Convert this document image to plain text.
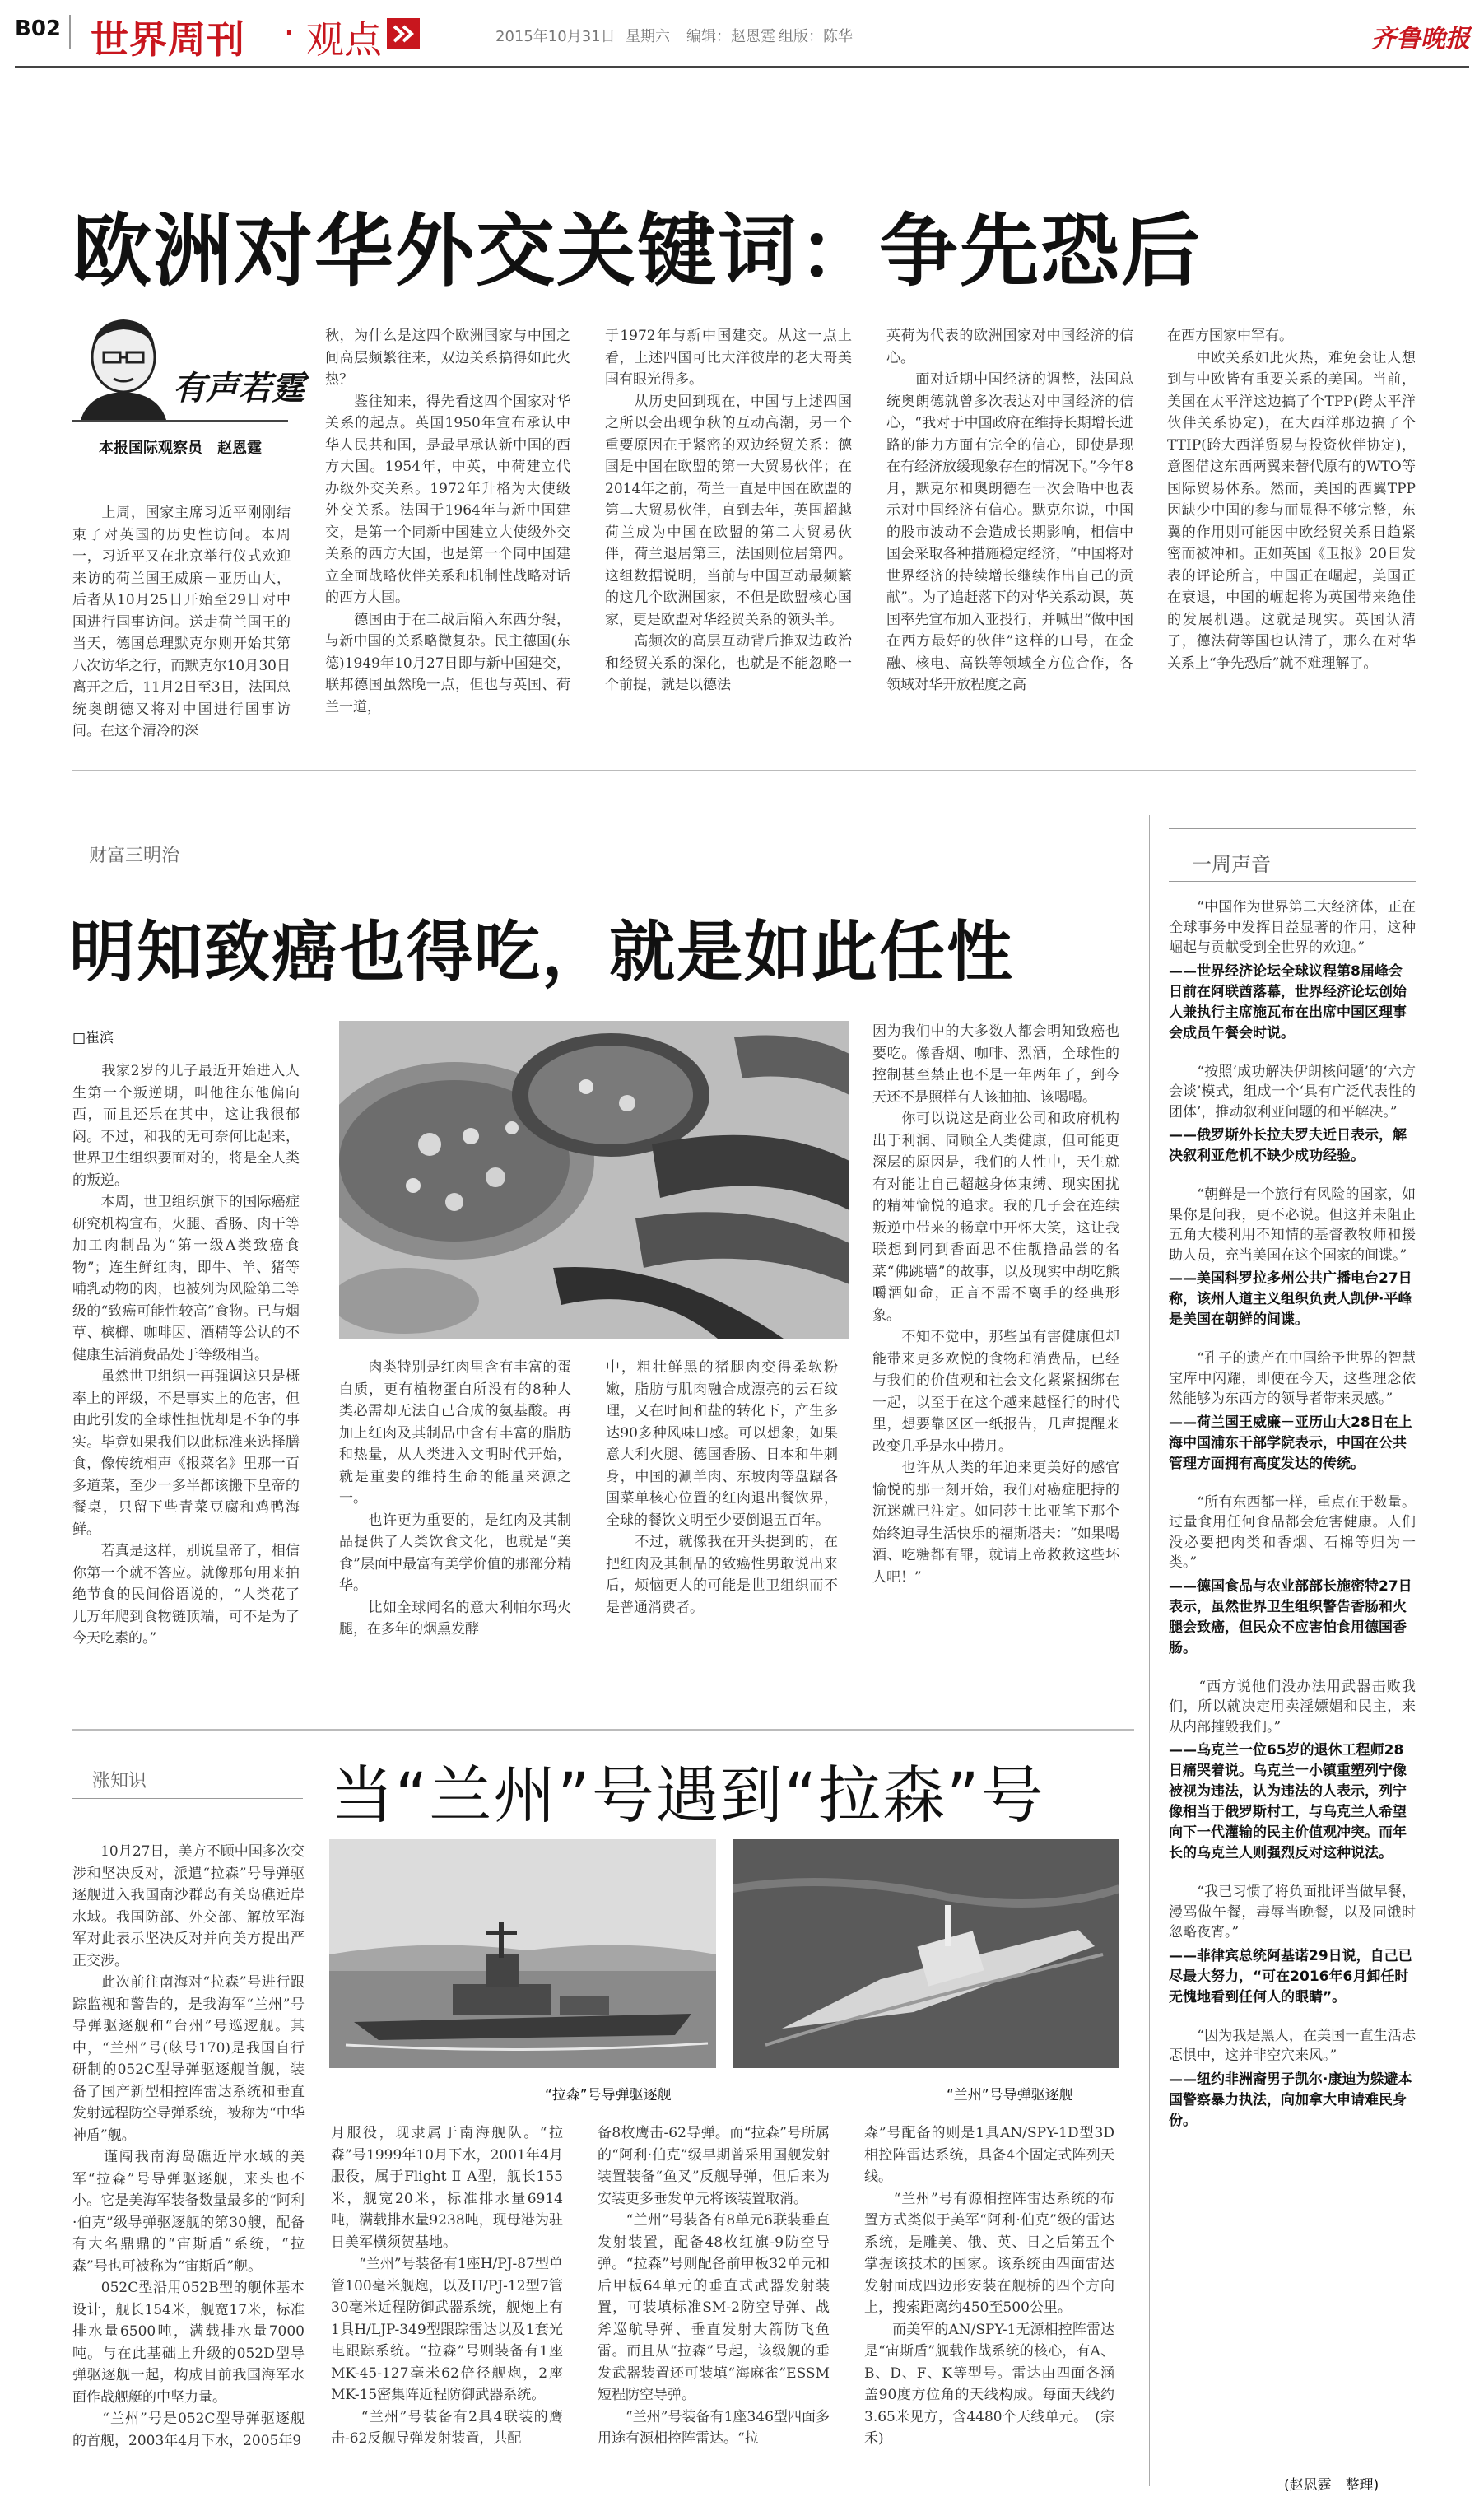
B02 世界周刊 · 观点	2015年10月31日 星期六 编辑：赵恩霆 组版：陈华	齐鲁晚报
欧洲对华外交关键词：争先恐后
有声若霆
本报国际观察员　赵恩霆
　　上周，国家主席习近平刚刚结束了对英国的历史性访问。本周一，习近平又在北京举行仪式欢迎来访的荷兰国王威廉－亚历山大，后者从10月25日开始至29日对中国进行国事访问。送走荷兰国王的当天，德国总理默克尔则开始其第八次访华之行，而默克尔10月30日离开之后，11月2日至3日，法国总统奥朗德又将对中国进行国事访问。在这个清冷的深
秋，为什么是这四个欧洲国家与中国之间高层频繁往来，双边关系搞得如此火热？
　　鉴往知来，得先看这四个国家对华关系的起点。英国1950年宣布承认中华人民共和国，是最早承认新中国的西方大国。1954年，中英，中荷建立代办级外交关系。1972年升格为大使级外交关系。法国于1964年与新中国建交，是第一个同新中国建立大使级外交关系的西方大国，也是第一个同中国建立全面战略伙伴关系和机制性战略对话的西方大国。
　　德国由于在二战后陷入东西分裂，与新中国的关系略微复杂。民主德国(东德)1949年10月27日即与新中国建交，联邦德国虽然晚一点，但也与英国、荷兰一道，
于1972年与新中国建交。从这一点上看，上述四国可比大洋彼岸的老大哥美国有眼光得多。
　　从历史回到现在，中国与上述四国之所以会出现争秋的互动高潮，另一个重要原因在于紧密的双边经贸关系：德国是中国在欧盟的第一大贸易伙伴；在2014年之前，荷兰一直是中国在欧盟的第二大贸易伙伴，直到去年，英国超越荷兰成为中国在欧盟的第二大贸易伙伴，荷兰退居第三，法国则位居第四。这组数据说明，当前与中国互动最频繁的这几个欧洲国家，不但是欧盟核心国家，更是欧盟对华经贸关系的领头羊。
　　高频次的高层互动背后推双边政治和经贸关系的深化，也就是不能忽略一个前提，就是以德法
英荷为代表的欧洲国家对中国经济的信心。
　　面对近期中国经济的调整，法国总统奥朗德就曾多次表达对中国经济的信心，“我对于中国政府在维持长期增长进路的能力方面有完全的信心，即使是现在有经济放缓现象存在的情况下。”今年8月，默克尔和奥朗德在一次会晤中也表示对中国经济有信心。默克尔说，中国的股市波动不会造成长期影响，相信中国会采取各种措施稳定经济，“中国将对世界经济的持续增长继续作出自己的贡献”。为了追赶落下的对华关系动课，英国率先宣布加入亚投行，并喊出“做中国在西方最好的伙伴”这样的口号，在金融、核电、高铁等领域全方位合作，各领域对华开放程度之高
在西方国家中罕有。
　　中欧关系如此火热，难免会让人想到与中欧皆有重要关系的美国。当前，美国在太平洋这边搞了个TPP(跨太平洋伙伴关系协定)，在大西洋那边搞了个TTIP(跨大西洋贸易与投资伙伴协定)，意图借这东西两翼来替代原有的WTO等国际贸易体系。然而，美国的西翼TPP因缺少中国的参与而显得不够完整，东翼的作用则可能因中欧经贸关系日趋紧密而被冲和。正如英国《卫报》20日发表的评论所言，中国正在崛起，美国正在衰退，中国的崛起将为英国带来绝佳的发展机遇。这就是现实。英国认清了，德法荷等国也认清了，那么在对华关系上“争先恐后”就不难理解了。
财富三明治
明知致癌也得吃，就是如此任性
□崔滨
　　我家2岁的儿子最近开始进入人生第一个叛逆期，叫他往东他偏向西，而且还乐在其中，这让我很郁闷。不过，和我的无可奈何比起来，世界卫生组织要面对的，将是全人类的叛逆。
　　本周，世卫组织旗下的国际癌症研究机构宣布，火腿、香肠、肉干等加工肉制品为“第一级A类致癌食物”；连生鲜红肉，即牛、羊、猪等哺乳动物的肉，也被列为风险第二等级的“致癌可能性较高”食物。已与烟草、槟榔、咖啡因、酒精等公认的不健康生活消费品处于等级相当。
　　虽然世卫组织一再强调这只是概率上的评级，不是事实上的危害，但由此引发的全球性担忧却是不争的事实。毕竟如果我们以此标准来选择膳食，像传统相声《报菜名》里那一百多道菜，至少一多半都该搬下皇帝的餐桌，只留下些青菜豆腐和鸡鸭海鲜。
　　若真是这样，别说皇帝了，相信你第一个就不答应。就像那句用来拍绝节食的民间俗语说的，“人类花了几万年爬到食物链顶端，可不是为了今天吃素的。”
　　肉类特别是红肉里含有丰富的蛋白质，更有植物蛋白所没有的8种人类必需却无法自己合成的氨基酸。再加上红肉及其制品中含有丰富的脂肪和热量，从人类进入文明时代开始，就是重要的维持生命的能量来源之一。
　　也许更为重要的，是红肉及其制品提供了人类饮食文化，也就是“美食”层面中最富有美学价值的那部分精华。
　　比如全球闻名的意大利帕尔玛火腿，在多年的烟熏发酵
中，粗壮鲜黑的猪腿肉变得柔软粉嫩，脂肪与肌肉融合成漂亮的云石纹理，又在时间和盐的转化下，产生多达90多种风味口感。可以想象，如果意大利火腿、德国香肠、日本和牛刺身，中国的涮羊肉、东坡肉等盘踞各国菜单核心位置的红肉退出餐饮界，全球的餐饮文明至少要倒退五百年。
　　不过，就像我在开头提到的，在把红肉及其制品的致癌性男敢说出来后，烦恼更大的可能是世卫组织而不是普通消费者。
因为我们中的大多数人都会明知致癌也要吃。像香烟、咖啡、烈酒，全球性的控制甚至禁止也不是一年两年了，到今天还不是照样有人该抽抽、该喝喝。
　　你可以说这是商业公司和政府机构出于利润、同顾全人类健康，但可能更深层的原因是，我们的人性中，天生就有对能让自己超越身体束缚、现实困扰的精神愉悦的追求。我的几子会在连续叛逆中带来的畅章中开怀大笑，这让我联想到同到香面思不住靓撸品尝的名菜“佛跳墙”的故事，以及现实中胡吃熊嚼酒如命，正言不需不离手的经典形象。
　　不知不觉中，那些虽有害健康但却能带来更多欢悦的食物和消费品，已经与我们的价值观和社会文化紧紧捆绑在一起，以至于在这个越来越怪行的时代里，想要靠区区一纸报告，几声提醒来改变几乎是水中捞月。
　　也许从人类的年迫来更美好的感官愉悦的那一刻开始，我们对癌症肥持的沉迷就已注定。如同莎士比亚笔下那个始终迫寻生活快乐的福斯塔夫：“如果喝酒、吃糖都有罪，就请上帝救救这些坏人吧！”
涨知识	当“兰州”号遇到“拉森”号
　　10月27日，美方不顾中国多次交涉和坚决反对，派遣“拉森”号导弹驱逐舰进入我国南沙群岛有关岛礁近岸水域。我国防部、外交部、解放军海军对此表示坚决反对并向美方提出严正交涉。
　　此次前往南海对“拉森”号进行跟踪监视和警告的，是我海军“兰州”号导弹驱逐舰和“台州”号巡逻舰。其中，“兰州”号(舷号170)是我国自行研制的052C型导弹驱逐舰首舰，装备了国产新型相控阵雷达系统和垂直发射远程防空导弹系统，被称为“中华神盾”舰。
　　谨闯我南海岛礁近岸水域的美军“拉森”号导弹驱逐舰，来头也不小。它是美海军装备数量最多的“阿利·伯克”级导弹驱逐舰的第30艘，配备有大名鼎鼎的“宙斯盾”系统，“拉森”号也可被称为“宙斯盾”舰。
　　052C型沿用052B型的舰体基本设计，舰长154米，舰宽17米，标准排水量6500吨，满载排水量7000吨。与在此基础上升级的052D型导弹驱逐舰一起，构成目前我国海军水面作战舰艇的中坚力量。
　　“兰州”号是052C型导弹驱逐舰的首舰，2003年4月下水，2005年9
“拉森”号导弹驱逐舰	“兰州”号导弹驱逐舰
月服役，现隶属于南海舰队。“拉森”号1999年10月下水，2001年4月服役，属于Flight Ⅱ A型，舰长155米，舰宽20米，标准排水量6914吨，满载排水量9238吨，现母港为驻日美军横须贺基地。
　　“兰州”号装备有1座H/PJ-87型单管100毫米舰炮，以及H/PJ-12型7管30毫米近程防御武器系统，舰炮上有1具H/LJP-349型跟踪雷达以及1套光电跟踪系统。“拉森”号则装备有1座MK-45-127毫米62倍径舰炮，2座MK-15密集阵近程防御武器系统。
　　“兰州”号装备有2具4联装的鹰击-62反舰导弹发射装置，共配
备8枚鹰击-62导弹。而“拉森”号所属的“阿利·伯克”级早期曾采用国舰发射装置装备“鱼叉”反舰导弹，但后来为安装更多垂发单元将该装置取消。
　　“兰州”号装备有8单元6联装垂直发射装置，配备48枚红旗-9防空导弹。“拉森”号则配备前甲板32单元和后甲板64单元的垂直式武器发射装置，可装填标准SM-2防空导弹、战斧巡航导弹、垂直发射大箭防飞鱼雷。而且从“拉森”号起，该级舰的垂发武器装置还可装填“海麻雀”ESSM短程防空导弹。
　　“兰州”号装备有1座346型四面多用途有源相控阵雷达。“拉
森”号配备的则是1具AN/SPY-1D型3D相控阵雷达系统，具备4个固定式阵列天线。
　　“兰州”号有源相控阵雷达系统的布置方式类似于美军“阿利·伯克”级的雷达系统，是雕美、俄、英、日之后第五个掌握该技术的国家。该系统由四面雷达发射面成四边形安装在舰桥的四个方向上，搜索距离约450至500公里。
　　而美军的AN/SPY-1无源相控阵雷达是“宙斯盾”舰载作战系统的核心，有A、B、D、F、K等型号。雷达由四面各涵盖90度方位角的天线构成。每面天线约3.65米见方，含4480个天线单元。　(宗禾)
一周声音
　　“中国作为世界第二大经济体，正在全球事务中发挥日益显著的作用，这种崛起与贡献受到全世界的欢迎。”
——世界经济论坛全球议程第8届峰会日前在阿联酋落幕，世界经济论坛创始人兼执行主席施瓦布在出席中国区理事会成员午餐会时说。
　　“按照‘成功解决伊朗核问题’的‘六方会谈’模式，组成一个‘具有广泛代表性的团体’，推动叙利亚问题的和平解决。”
——俄罗斯外长拉夫罗夫近日表示，解决叙利亚危机不缺少成功经验。
　　“朝鲜是一个旅行有风险的国家，如果你是问我，更不必说。但这并未阻止五角大楼利用不知情的基督教牧师和援助人员，充当美国在这个国家的间谍。”
——美国科罗拉多州公共广播电台27日称，该州人道主义组织负责人凯伊·平峰是美国在朝鲜的间谍。
　　“孔子的遗产在中国给予世界的智慧宝库中闪耀，即便在今天，这些理念依然能够为东西方的领导者带来灵感。”
——荷兰国王威廉－亚历山大28日在上海中国浦东干部学院表示，中国在公共管理方面拥有高度发达的传统。
　　“所有东西都一样，重点在于数量。过量食用任何食品都会危害健康。人们没必要把肉类和香烟、石棉等归为一类。”
——德国食品与农业部部长施密特27日表示，虽然世界卫生组织警告香肠和火腿会致癌，但民众不应害怕食用德国香肠。
　　“西方说他们没办法用武器击败我们，所以就决定用卖淫嫖娼和民主，来从内部摧毁我们。”
——乌克兰一位65岁的退休工程师28日痛哭着说。乌克兰一小镇重塑列宁像被视为违法，认为违法的人表示，列宁像相当于俄罗斯村工，与乌克兰人希望向下一代灌输的民主价值观冲突。而年长的乌克兰人则强烈反对这种说法。
　　“我已习惯了将负面批评当做早餐，漫骂做午餐，毒辱当晚餐，以及同饿时忽略夜宵。”
——菲律宾总统阿基诺29日说，自己已尽最大努力，“可在2016年6月卸任时无愧地看到任何人的眼睛”。
　　“因为我是黑人，在美国一直生活忐忑惧中，这并非空穴来风。”
——纽约非洲裔男子凯尔·康迪为躲避本国警察暴力执法，向加拿大申请难民身份。
(赵恩霆　整理)
